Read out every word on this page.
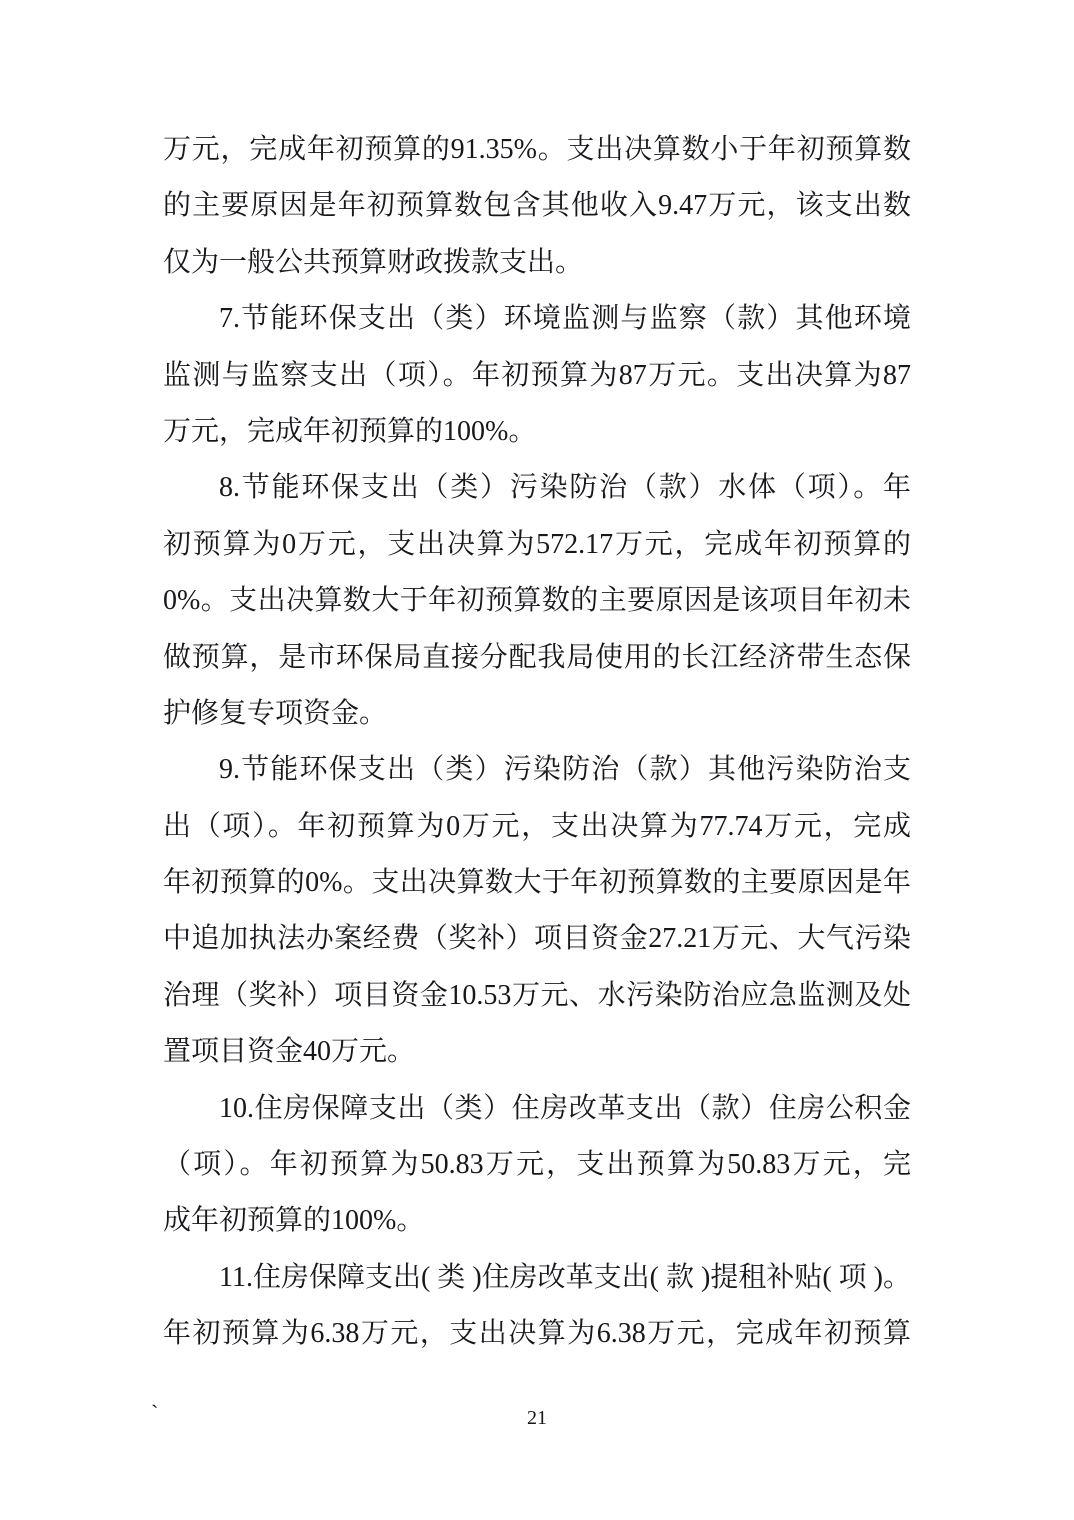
万元，完成年初预算的91.35%。支出决算数小于年初预算数
的主要原因是年初预算数包含其他收入9.47万元，该支出数
仅为一般公共预算财政拨款支出。
7.节能环保支出（类）环境监测与监察（款）其他环境
监测与监察支出（项）。年初预算为87万元。支出决算为87
万元，完成年初预算的100%。
8.节能环保支出（类）污染防治（款）水体（项）。年
初预算为0万元，支出决算为572.17万元，完成年初预算的
0%。支出决算数大于年初预算数的主要原因是该项目年初未
做预算，是市环保局直接分配我局使用的长江经济带生态保
护修复专项资金。
9.节能环保支出（类）污染防治（款）其他污染防治支
出（项）。年初预算为0万元，支出决算为77.74万元，完成
年初预算的0%。支出决算数大于年初预算数的主要原因是年
中追加执法办案经费（奖补）项目资金27.21万元、大气污染
治理（奖补）项目资金10.53万元、水污染防治应急监测及处
置项目资金40万元。
10.住房保障支出（类）住房改革支出（款）住房公积金
（项）。年初预算为50.83万元，支出预算为50.83万元，完
成年初预算的100%。
11.住房保障支出( 类 )住房改革支出( 款 )提租补贴( 项 )。
年初预算为6.38万元，支出决算为6.38万元，完成年初预算
`	21
